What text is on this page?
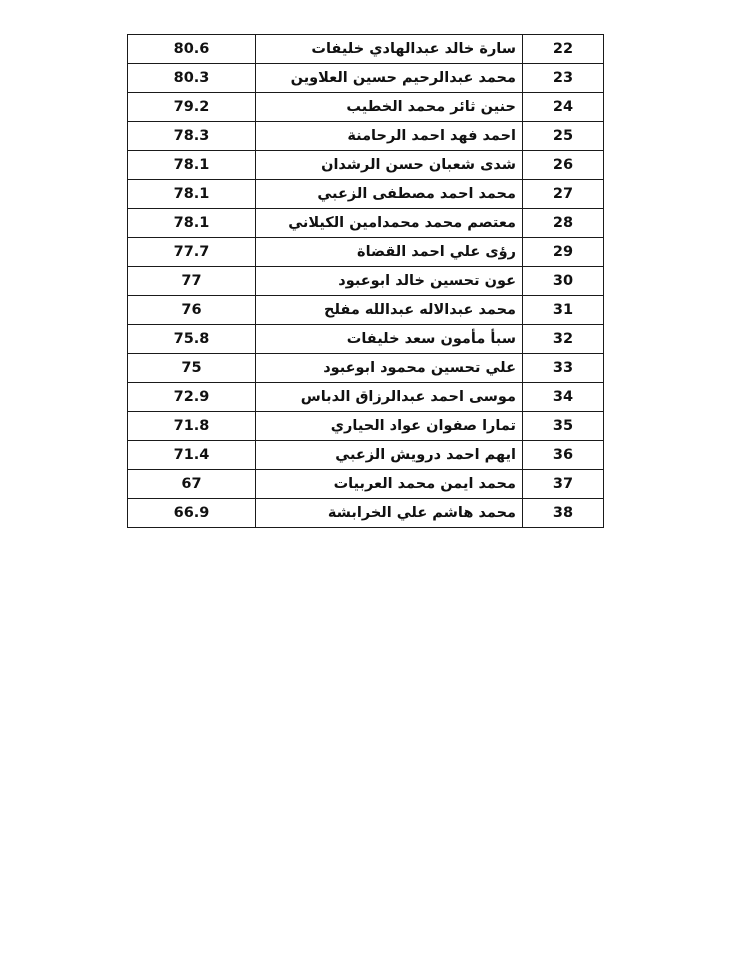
80.6	سارة خالد عبدالهادي خليفات	22
80.3	محمد عبدالرحيم حسين العلاوين	23
79.2	حنين ثائر محمد الخطيب	24
78.3	احمد فهد احمد الرحامنة	25
78.1	شدى شعبان حسن الرشدان	26
78.1	محمد احمد مصطفى الزعبي	27
78.1	معتصم محمد محمدامين الكيلاني	28
77.7	رؤى علي احمد القضاة	29
77	عون تحسين خالد ابوعبود	30
76	محمد عبدالاله عبدالله مفلح	31
75.8	سبأ مأمون سعد خليفات	32
75	علي تحسين محمود ابوعبود	33
72.9	موسى احمد عبدالرزاق الدباس	34
71.8	تمارا صفوان عواد الحياري	35
71.4	ايهم احمد درويش الزعبي	36
67	محمد ايمن محمد العربيات	37
66.9	محمد هاشم علي الخرابشة	38
